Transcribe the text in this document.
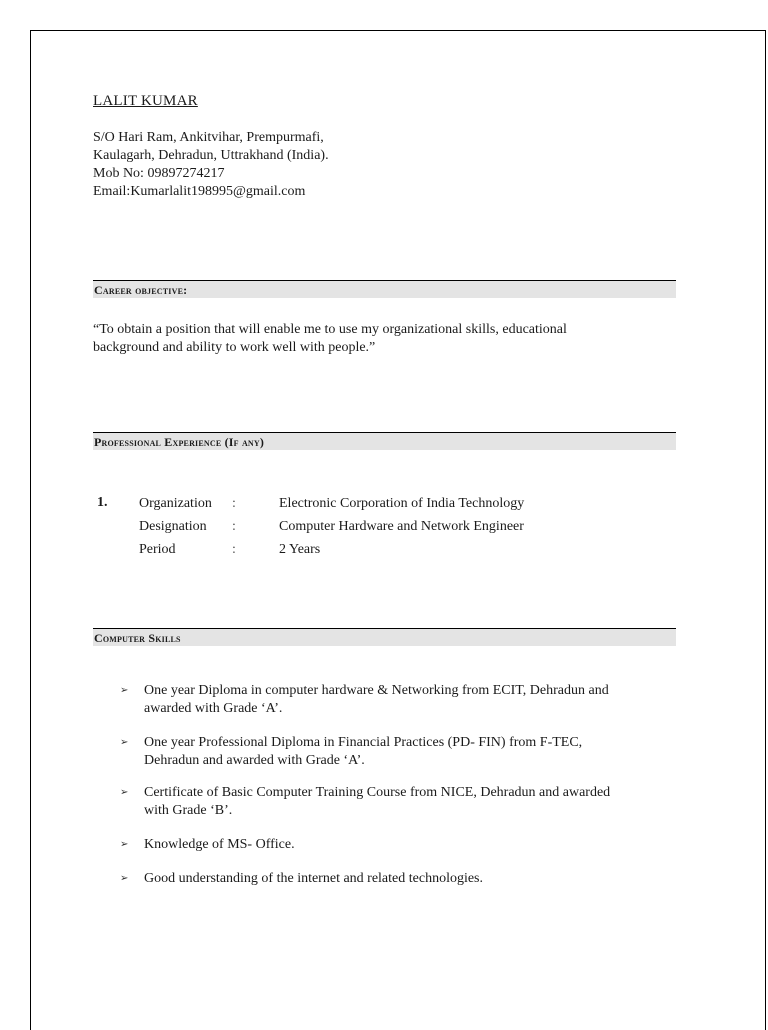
LALIT KUMAR
S/O Hari Ram, Ankitvihar, Prempurmafi,
Kaulagarh, Dehradun, Uttrakhand (India).
Mob No: 09897274217
Email:Kumarlalit198995@gmail.com
Career objective:
“To obtain a position that will enable me to use my organizational skills, educational
background and ability to work well with people.”
Professional Experience (If any)
1. Organization :	Electronic Corporation of India Technology
Designation :	Computer Hardware and Network Engineer
Period	:	2 Years
Computer Skills
➢ One year Diploma in computer hardware & Networking from ECIT, Dehradun and
awarded with Grade ‘A’.
➢ One year Professional Diploma in Financial Practices (PD- FIN) from F-TEC,
Dehradun and awarded with Grade ‘A’.
➢ Certificate of Basic Computer Training Course from NICE, Dehradun and awarded
with Grade ‘B’.
➢ Knowledge of MS- Office.
➢ Good understanding of the internet and related technologies.
